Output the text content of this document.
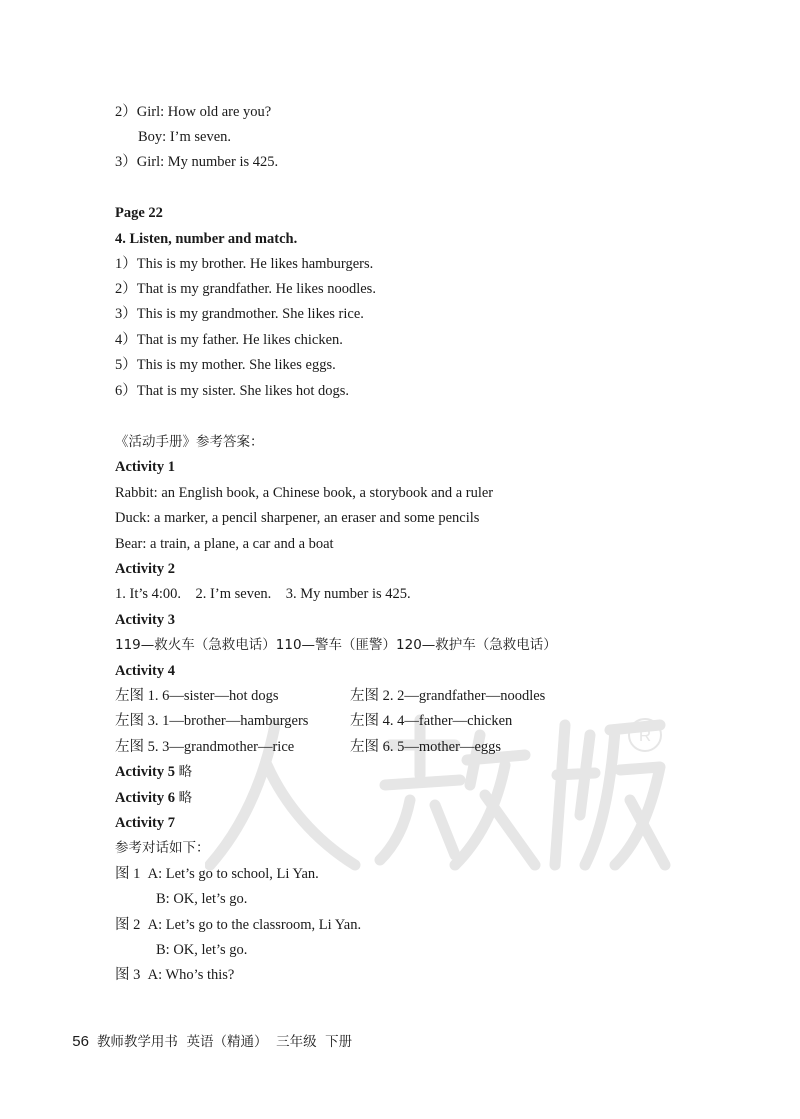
R
2）Girl: How old are you?
Boy: I’m seven.
3）Girl: My number is 425.
Page 22
4. Listen, number and match.
1）This is my brother. He likes hamburgers.
2）That is my grandfather. He likes noodles.
3）This is my grandmother. She likes rice.
4）That is my father. He likes chicken.
5）This is my mother. She likes eggs.
6）That is my sister. She likes hot dogs.
《活动手册》参考答案：
Activity 1
Rabbit: an English book, a Chinese book, a storybook and a ruler
Duck: a marker, a pencil sharpener, an eraser and some pencils
Bear: a train, a plane, a car and a boat
Activity 2
1. It’s 4:00.    2. I’m seven.    3. My number is 425.
Activity 3
119—救火车（急救电话）110—警车（匪警）120—救护车（急救电话）
Activity 4
左图 1. 6—sister—hot dogs	左图 2. 2—grandfather—noodles
左图 3. 1—brother—hamburgers	左图 4. 4—father—chicken
左图 5. 3—grandmother—rice	左图 6. 5—mother—eggs
Activity 5 略
Activity 6 略
Activity 7
参考对话如下：
图 1  A: Let’s go to school, Li Yan.
B: OK, let’s go.
图 2  A: Let’s go to the classroom, Li Yan.
B: OK, let’s go.
图 3  A: Who’s this?

56 教师教学用书  英语（精通）  三年级  下册
